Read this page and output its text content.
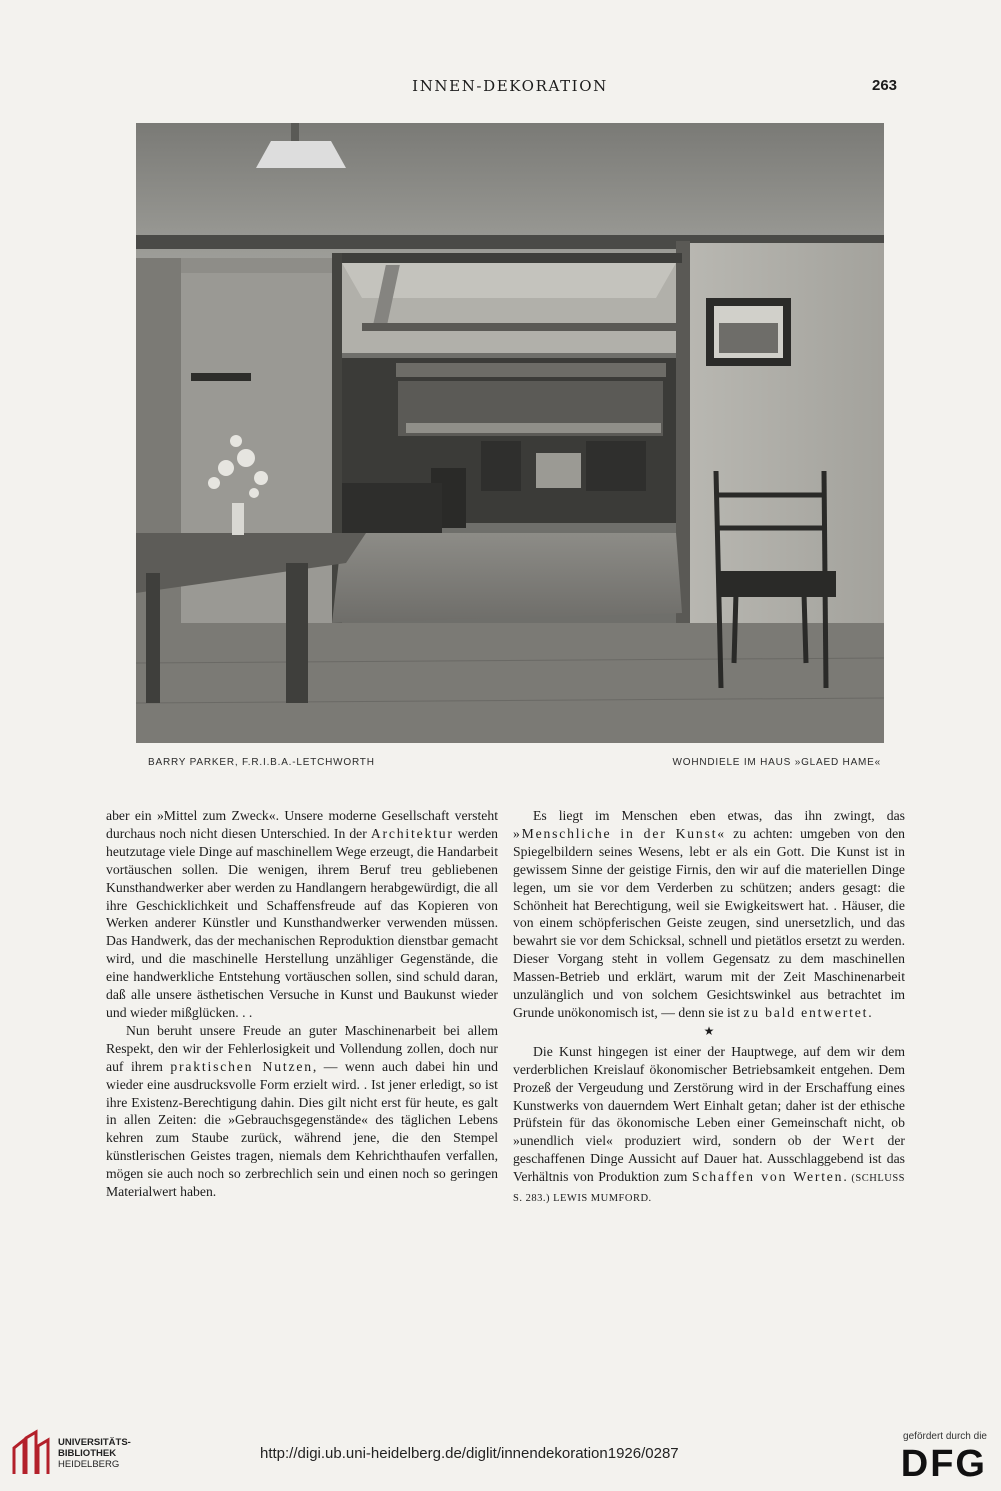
INNEN-DEKORATION	263
BARRY PARKER, F.R.I.B.A.-LETCHWORTH	WOHNDIELE IM HAUS »GLAED HAME«

aber ein »Mittel zum Zweck«. Unsere moderne Gesellschaft versteht durchaus noch nicht diesen Unterschied. In der Architektur werden heutzutage viele Dinge auf maschinellem Wege erzeugt, die Handarbeit vortäuschen sollen. Die wenigen, ihrem Beruf treu gebliebenen Kunsthandwerker aber werden zu Handlangern herabgewürdigt, die all ihre Geschicklichkeit und Schaffensfreude auf das Kopieren von Werken anderer Künstler und Kunsthandwerker verwenden müssen. Das Handwerk, das der mechanischen Reproduktion dienstbar gemacht wird, und die maschinelle Herstellung unzähliger Gegenstände, die eine handwerkliche Entstehung vortäuschen sollen, sind schuld daran, daß alle unsere ästhetischen Versuche in Kunst und Baukunst wieder und wieder mißglücken. . .

Nun beruht unsere Freude an guter Maschinenarbeit bei allem Respekt, den wir der Fehlerlosigkeit und Vollendung zollen, doch nur auf ihrem praktischen Nutzen, — wenn auch dabei hin und wieder eine ausdrucksvolle Form erzielt wird. . Ist jener erledigt, so ist ihre Existenz-Berechtigung dahin. Dies gilt nicht erst für heute, es galt in allen Zeiten: die »Gebrauchsgegenstände« des täglichen Lebens kehren zum Staube zurück, während jene, die den Stempel künstlerischen Geistes tragen, niemals dem Kehrichthaufen verfallen, mögen sie auch noch so zerbrechlich sein und einen noch so geringen Materialwert haben.

Es liegt im Menschen eben etwas, das ihn zwingt, das »Menschliche in der Kunst« zu achten: umgeben von den Spiegelbildern seines Wesens, lebt er als ein Gott. Die Kunst ist in gewissem Sinne der geistige Firnis, den wir auf die materiellen Dinge legen, um sie vor dem Verderben zu schützen; anders gesagt: die Schönheit hat Berechtigung, weil sie Ewigkeitswert hat. . Häuser, die von einem schöpferischen Geiste zeugen, sind unersetzlich, und das bewahrt sie vor dem Schicksal, schnell und pietätlos ersetzt zu werden. Dieser Vorgang steht in vollem Gegensatz zu dem maschinellen Massen-Betrieb und erklärt, warum mit der Zeit Maschinenarbeit unzulänglich und von solchem Gesichtswinkel aus betrachtet im Grunde unökonomisch ist, — denn sie ist zu bald entwertet.

★

Die Kunst hingegen ist einer der Hauptwege, auf dem wir dem verderblichen Kreislauf ökonomischer Betriebsamkeit entgehen. Dem Prozeß der Vergeudung und Zerstörung wird in der Erschaffung eines Kunstwerks von dauerndem Wert Einhalt getan; daher ist der ethische Prüfstein für das ökonomische Leben einer Gemeinschaft nicht, ob »unendlich viel« produziert wird, sondern ob der Wert der geschaffenen Dinge Aussicht auf Dauer hat. Ausschlaggebend ist das Verhältnis von Produktion zum Schaffen von Werten. (SCHLUSS S. 283.) LEWIS MUMFORD.

UNIVERSITÄTS-
BIBLIOTHEK
HEIDELBERG
http://digi.ub.uni-heidelberg.de/diglit/innendekoration1926/0287
gefördert durch die
DFG
